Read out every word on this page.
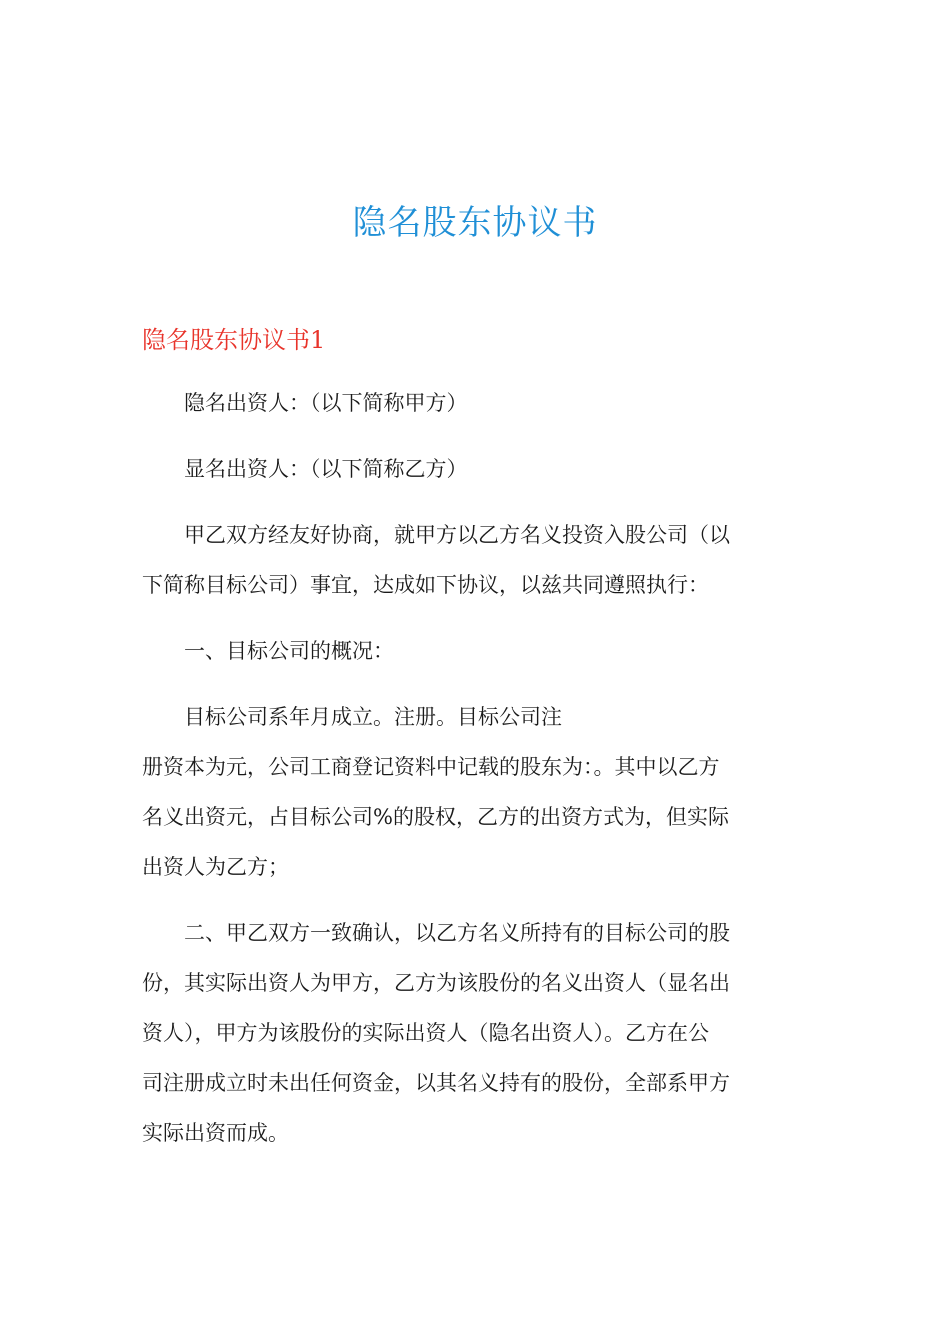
隐名股东协议书
隐名股东协议书1

隐名出资人：（以下简称甲方）

显名出资人：（以下简称乙方）

甲乙双方经友好协商，就甲方以乙方名义投资入股公司（以
下简称目标公司）事宜，达成如下协议，以兹共同遵照执行：

一、目标公司的概况：

目标公司系年月成立。注册。目标公司注
册资本为元，公司工商登记资料中记载的股东为：。其中以乙方
名义出资元，占目标公司%的股权，乙方的出资方式为，但实际
出资人为乙方；

二、甲乙双方一致确认，以乙方名义所持有的目标公司的股
份，其实际出资人为甲方，乙方为该股份的名义出资人（显名出
资人），甲方为该股份的实际出资人（隐名出资人）。乙方在公
司注册成立时未出任何资金，以其名义持有的股份，全部系甲方
实际出资而成。
